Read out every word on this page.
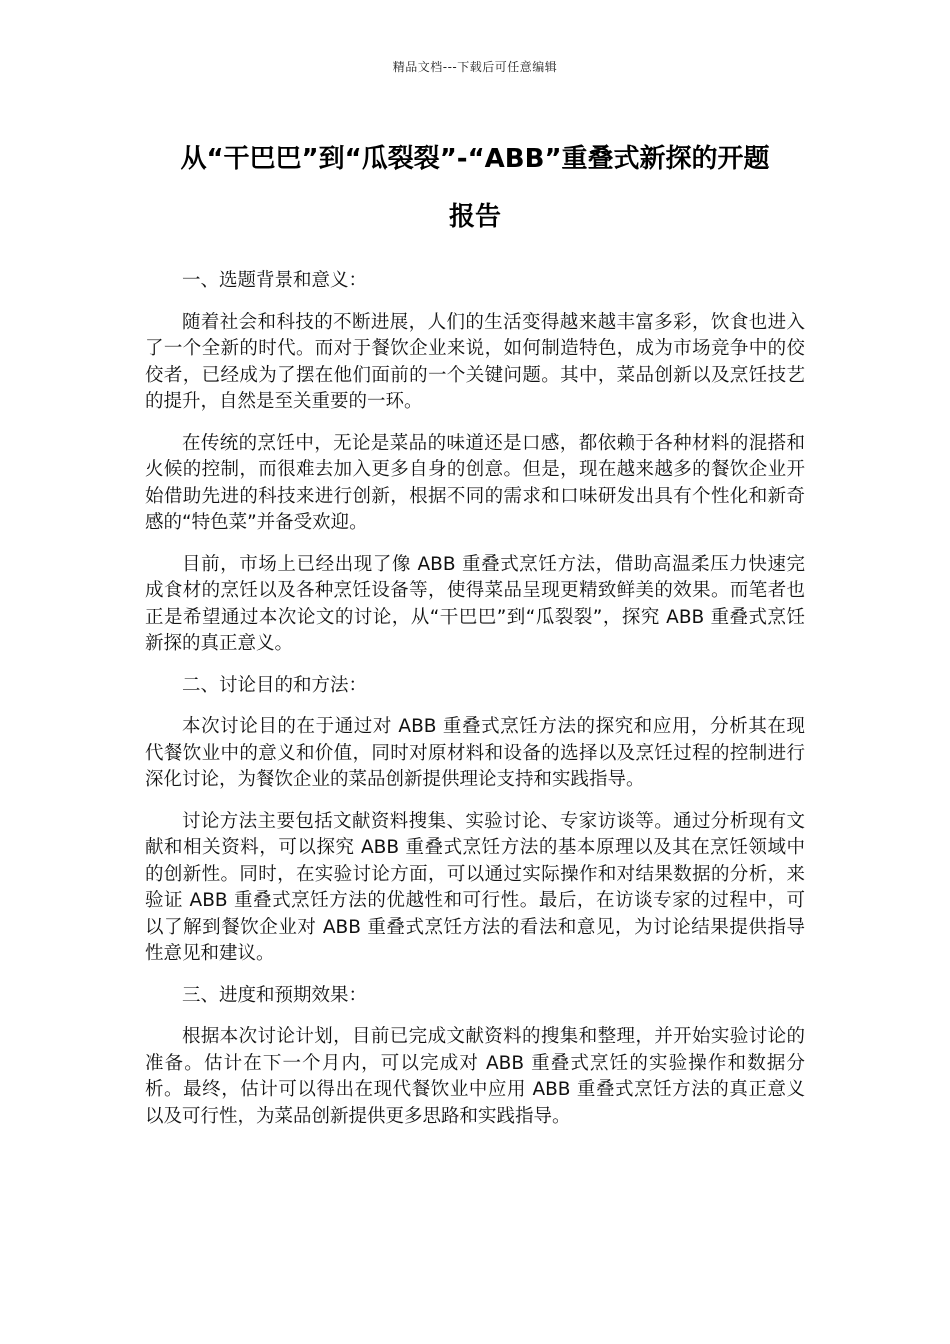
精品文档---下载后可任意编辑
从“干巴巴”到“瓜裂裂”-“ABB”重叠式新探的开题
报告

一、选题背景和意义：

随着社会和科技的不断进展，人们的生活变得越来越丰富多彩，饮食也进入了一个全新的时代。而对于餐饮企业来说，如何制造特色，成为市场竞争中的佼佼者，已经成为了摆在他们面前的一个关键问题。其中，菜品创新以及烹饪技艺的提升，自然是至关重要的一环。

在传统的烹饪中，无论是菜品的味道还是口感，都依赖于各种材料的混搭和火候的控制，而很难去加入更多自身的创意。但是，现在越来越多的餐饮企业开始借助先进的科技来进行创新，根据不同的需求和口味研发出具有个性化和新奇感的“特色菜”并备受欢迎。

目前，市场上已经出现了像 ABB 重叠式烹饪方法，借助高温柔压力快速完成食材的烹饪以及各种烹饪设备等，使得菜品呈现更精致鲜美的效果。而笔者也正是希望通过本次论文的讨论，从“干巴巴”到“瓜裂裂”，探究 ABB 重叠式烹饪新探的真正意义。

二、讨论目的和方法：

本次讨论目的在于通过对 ABB 重叠式烹饪方法的探究和应用，分析其在现代餐饮业中的意义和价值，同时对原材料和设备的选择以及烹饪过程的控制进行深化讨论，为餐饮企业的菜品创新提供理论支持和实践指导。

讨论方法主要包括文献资料搜集、实验讨论、专家访谈等。通过分析现有文献和相关资料，可以探究 ABB 重叠式烹饪方法的基本原理以及其在烹饪领域中的创新性。同时，在实验讨论方面，可以通过实际操作和对结果数据的分析，来验证 ABB 重叠式烹饪方法的优越性和可行性。最后，在访谈专家的过程中，可以了解到餐饮企业对 ABB 重叠式烹饪方法的看法和意见，为讨论结果提供指导性意见和建议。

三、进度和预期效果：

根据本次讨论计划，目前已完成文献资料的搜集和整理，并开始实验讨论的准备。估计在下一个月内，可以完成对 ABB 重叠式烹饪的实验操作和数据分析。最终，估计可以得出在现代餐饮业中应用 ABB 重叠式烹饪方法的真正意义以及可行性，为菜品创新提供更多思路和实践指导。
